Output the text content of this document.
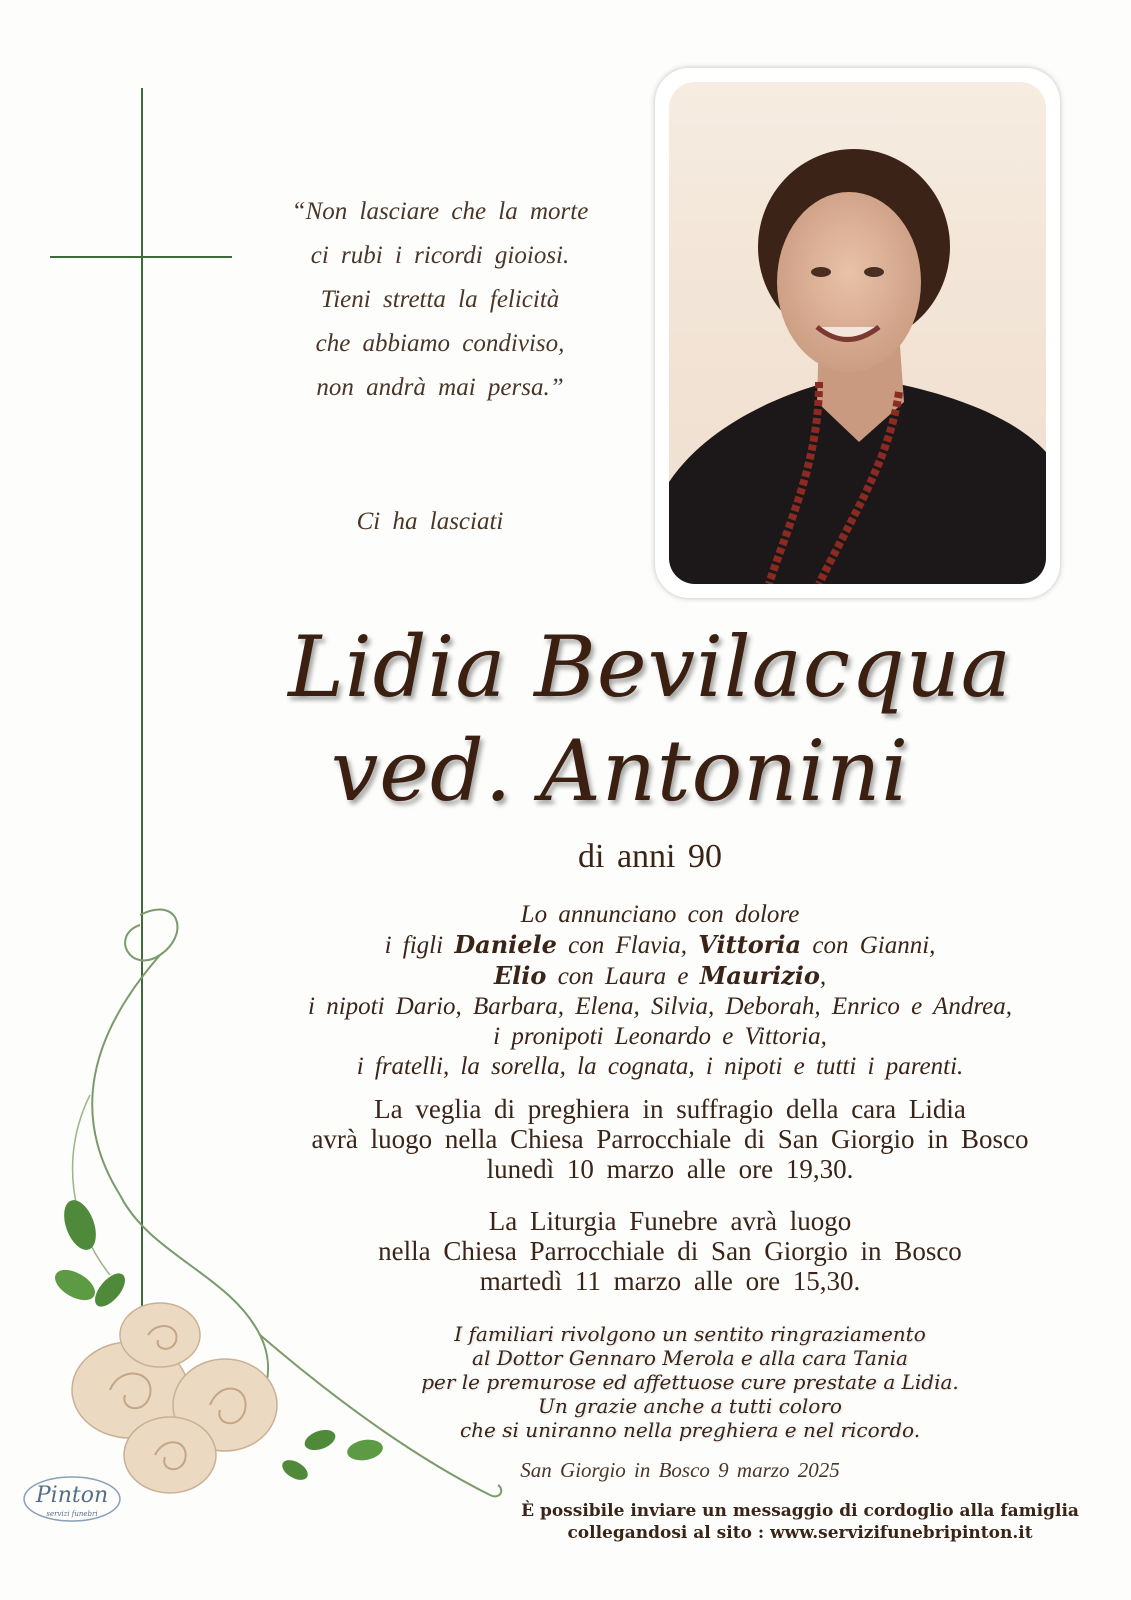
“Non lasciare che la morte
ci rubi i ricordi gioiosi.
Tieni stretta la felicità
che abbiamo condiviso,
non andrà mai persa.”
Ci ha lasciati
Lidia Bevilacqua
ved. Antonini
di anni 90
Lo annunciano con dolore
i figli Daniele con Flavia, Vittoria con Gianni,
Elio con Laura e Maurizio,
i nipoti Dario, Barbara, Elena, Silvia, Deborah, Enrico e Andrea,
i pronipoti Leonardo e Vittoria,
i fratelli, la sorella, la cognata, i nipoti e tutti i parenti.
La veglia di preghiera in suffragio della cara Lidia
avrà luogo nella Chiesa Parrocchiale di San Giorgio in Bosco
lunedì 10 marzo alle ore 19,30.
La Liturgia Funebre avrà luogo
nella Chiesa Parrocchiale di San Giorgio in Bosco
martedì 11 marzo alle ore 15,30.
I familiari rivolgono un sentito ringraziamento
al Dottor Gennaro Merola e alla cara Tania
per le premurose ed affettuose cure prestate a Lidia.
Un grazie anche a tutti coloro
che si uniranno nella preghiera e nel ricordo.
San Giorgio in Bosco 9 marzo 2025
È possibile inviare un messaggio di cordoglio alla famiglia
collegandosi al sito : www.servizifunebripinton.it
Pinton
servizi funebri
